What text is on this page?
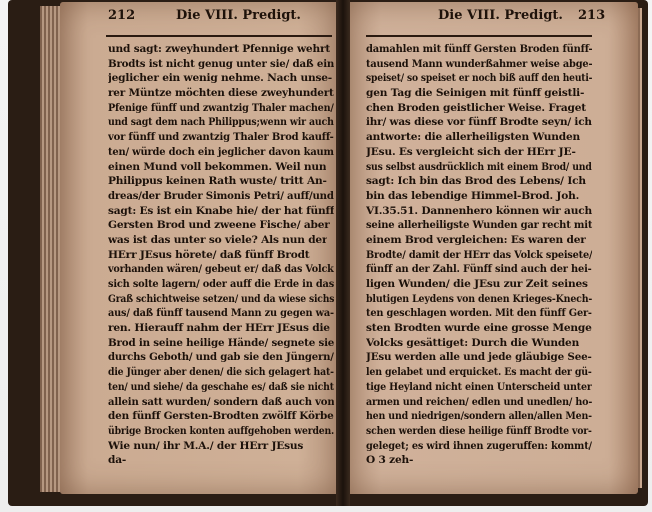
212	Die VIII. Predigt.	Die VIII. Predigt. 213
und sagt: zweyhundert Pfennige wehrt
Brodts ist nicht genug unter sie/ daß ein
jeglicher ein wenig nehme. Nach unse-
rer Müntze möchten diese zweyhundert
Pfenige fünff und zwantzig Thaler machen/
und sagt dem nach Philippus;wenn wir auch
vor fünff und zwantzig Thaler Brod kauff-
ten/ würde doch ein jeglicher davon kaum
einen Mund voll bekommen. Weil nun
Philippus keinen Rath wuste/ tritt An-
dreas/der Bruder Simonis Petri/ auff/und
sagt: Es ist ein Knabe hie/ der hat fünff
Gersten Brod und zweene Fische/ aber
was ist das unter so viele? Als nun der
HErr JEsus hörete/ daß fünff Brodt
vorhanden wären/ gebeut er/ daß das Volck
sich solte lagern/ oder auff die Erde in das
Graß schichtweise setzen/ und da wiese sichs
aus/ daß fünff tausend Mann zu gegen wa-
ren. Hierauff nahm der HErr JEsus die
Brod in seine heilige Hände/ segnete sie
durchs Geboth/ und gab sie den Jüngern/
die Jünger aber denen/ die sich gelagert hat-
ten/ und siehe/ da geschahe es/ daß sie nicht
allein satt wurden/ sondern daß auch von
den fünff Gersten-Brodten zwölff Körbe
übrige Brocken konten auffgehoben werden.
Wie nun/ ihr M.A./ der HErr JEsus
da-
damahlen mit fünff Gersten Broden fünff-
tausend Mann wunderßahmer weise abge-
speiset/ so speiset er noch biß auff den heuti-
gen Tag die Seinigen mit fünff geistli-
chen Broden geistlicher Weise. Fraget
ihr/ was diese vor fünff Brodte seyn/ ich
antworte: die allerheiligsten Wunden
JEsu. Es vergleicht sich der HErr JE-
sus selbst ausdrücklich mit einem Brod/ und
sagt: Ich bin das Brod des Lebens/ Ich
bin das lebendige Himmel-Brod. Joh.
VI.35.51. Dannenhero können wir auch
seine allerheiligste Wunden gar recht mit
einem Brod vergleichen: Es waren der
Brodte/ damit der HErr das Volck speisete/
fünff an der Zahl. Fünff sind auch der hei-
ligen Wunden/ die JEsu zur Zeit seines
blutigen Leydens von denen Krieges-Knech-
ten geschlagen worden. Mit den fünff Ger-
sten Brodten wurde eine grosse Menge
Volcks gesättiget: Durch die Wunden
JEsu werden alle und jede gläubige See-
len gelabet und erquicket. Es macht der gü-
tige Heyland nicht einen Unterscheid unter
armen und reichen/ edlen und unedlen/ ho-
hen und niedrigen/sondern allen/allen Men-
schen werden diese heilige fünff Brodte vor-
geleget; es wird ihnen zugeruffen: kommt/
O 3 zeh-
